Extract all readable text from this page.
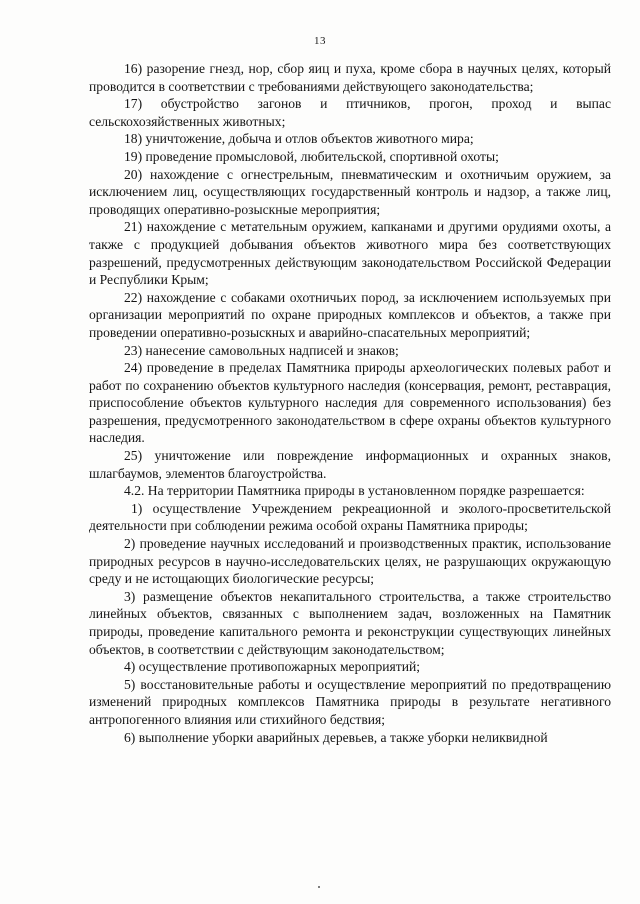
13

16) разорение гнезд, нор, сбор яиц и пуха, кроме сбора в научных целях, который проводится в соответствии с требованиями действующего законодательства;

17) обустройство загонов и птичников, прогон, проход и выпас сельскохозяйственных животных;

18) уничтожение, добыча и отлов объектов животного мира;

19) проведение промысловой, любительской, спортивной охоты;

20) нахождение с огнестрельным, пневматическим и охотничьим оружием, за исключением лиц, осуществляющих государственный контроль и надзор, а также лиц, проводящих оперативно-розыскные мероприятия;

21) нахождение с метательным оружием, капканами и другими орудиями охоты, а также с продукцией добывания объектов животного мира без соответствующих разрешений, предусмотренных действующим законодательством Российской Федерации и Республики Крым;

22) нахождение с собаками охотничьих пород, за исключением используемых при организации мероприятий по охране природных комплексов и объектов, а также при проведении оперативно-розыскных и аварийно-спасательных мероприятий;

23) нанесение самовольных надписей и знаков;

24) проведение в пределах Памятника природы археологических полевых работ и работ по сохранению объектов культурного наследия (консервация, ремонт, реставрация, приспособление объектов культурного наследия для современного использования) без разрешения, предусмотренного законодательством в сфере охраны объектов культурного наследия.

25) уничтожение или повреждение информационных и охранных знаков, шлагбаумов, элементов благоустройства.

4.2. На территории Памятника природы в установленном порядке разрешается:

1) осуществление Учреждением рекреационной и эколого-просветительской деятельности при соблюдении режима особой охраны Памятника природы;

2) проведение научных исследований и производственных практик, использование природных ресурсов в научно-исследовательских целях, не разрушающих окружающую среду и не истощающих биологические ресурсы;

3) размещение объектов некапитального строительства, а также строительство линейных объектов, связанных с выполнением задач, возложенных на Памятник природы, проведение капитального ремонта и реконструкции существующих линейных объектов, в соответствии с действующим законодательством;

4) осуществление противопожарных мероприятий;

5) восстановительные работы и осуществление мероприятий по предотвращению изменений природных комплексов Памятника природы в результате негативного антропогенного влияния или стихийного бедствия;

6) выполнение уборки аварийных деревьев, а также уборки неликвидной
